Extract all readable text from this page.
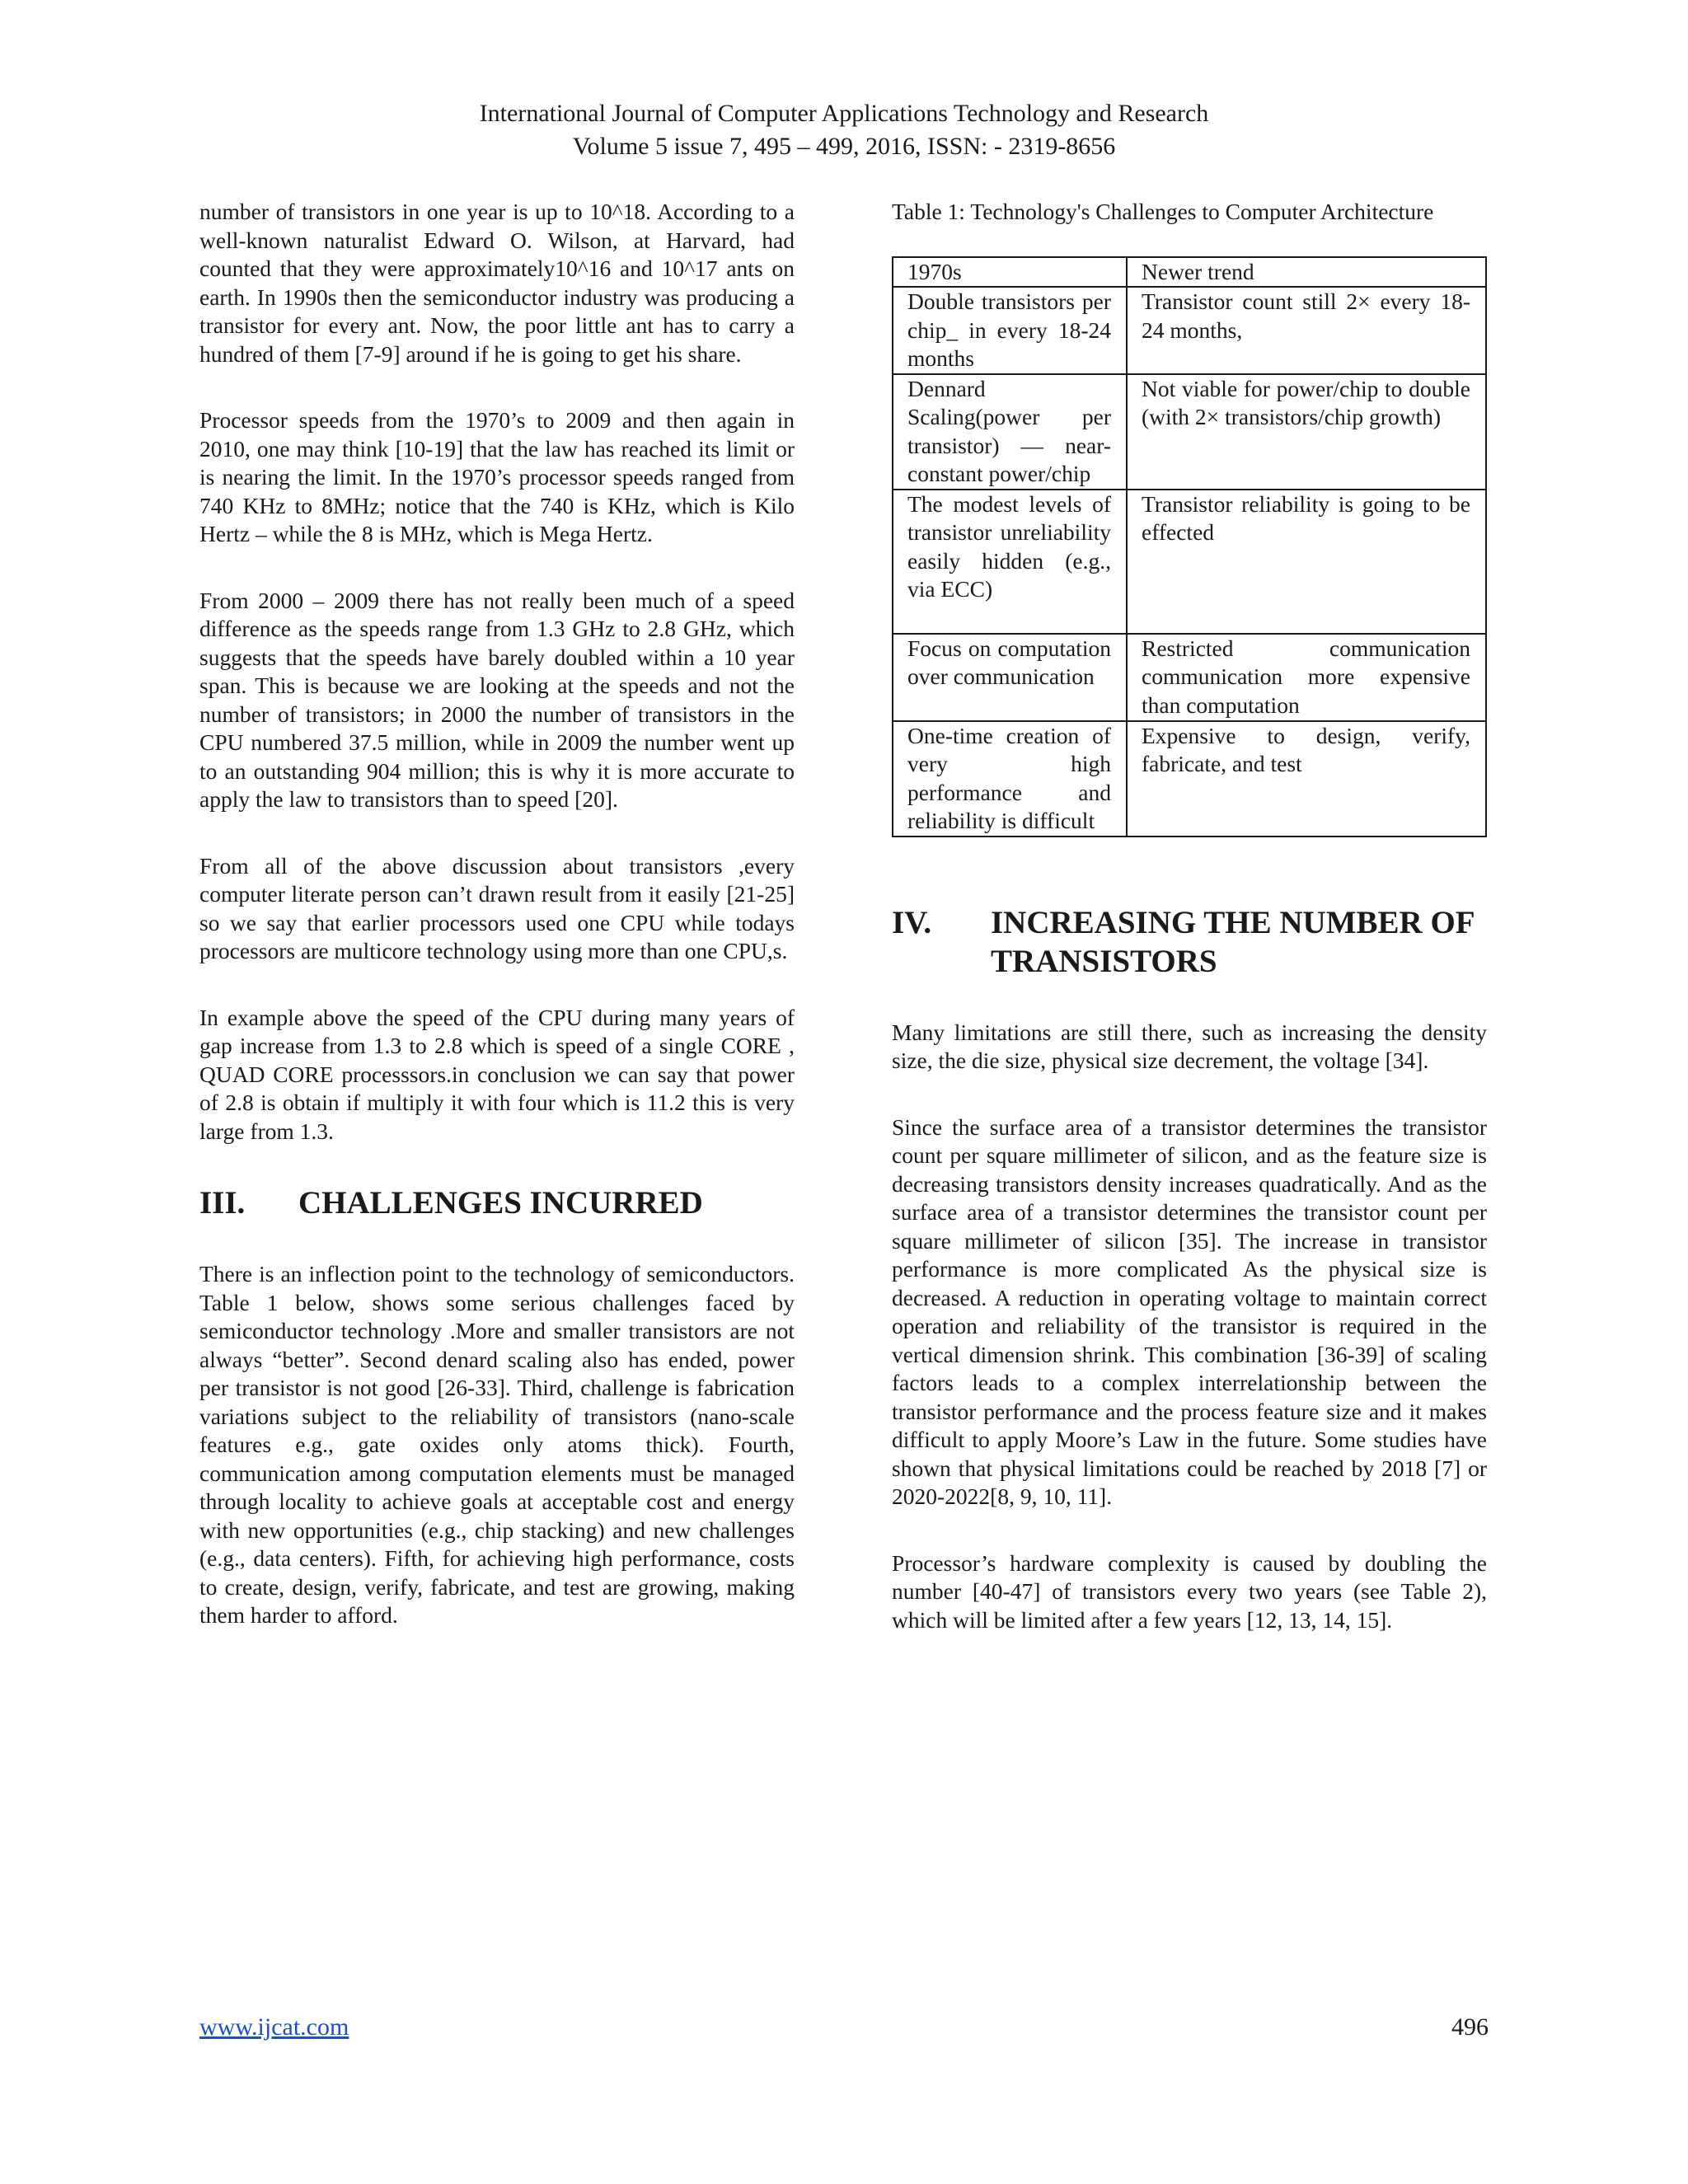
International Journal of Computer Applications Technology and Research
Volume 5 issue 7, 495 – 499, 2016, ISSN: - 2319-8656

number of transistors in one year is up to 10^18. According to a well-known naturalist Edward O. Wilson, at Harvard, had counted that they were approximately10^16 and 10^17 ants on earth. In 1990s then the semiconductor industry was producing a transistor for every ant. Now, the poor little ant has to carry a hundred of them [7-9] around if he is going to get his share.

Processor speeds from the 1970’s to 2009 and then again in 2010, one may think [10-19] that the law has reached its limit or is nearing the limit. In the 1970’s processor speeds ranged from 740 KHz to 8MHz; notice that the 740 is KHz, which is Kilo Hertz – while the 8 is MHz, which is Mega Hertz.

From 2000 – 2009 there has not really been much of a speed difference as the speeds range from 1.3 GHz to 2.8 GHz, which suggests that the speeds have barely doubled within a 10 year span. This is because we are looking at the speeds and not the number of transistors; in 2000 the number of transistors in the CPU numbered 37.5 million, while in 2009 the number went up to an outstanding 904 million; this is why it is more accurate to apply the law to transistors than to speed [20].

From all of the above discussion about transistors ,every computer literate person can’t drawn result from it easily [21-25] so we say that earlier processors used one CPU while todays processors are multicore technology using more than one CPU,s.

In example above the speed of the CPU during many years of gap increase from 1.3 to 2.8 which is speed of a single CORE , QUAD CORE processsors.in conclusion we can say that power of 2.8 is obtain if multiply it with four which is 11.2 this is very large from 1.3.

III.	CHALLENGES INCURRED

There is an inflection point to the technology of semiconductors. Table 1 below, shows some serious challenges faced by semiconductor technology .More and smaller transistors are not always “better”. Second denard scaling also has ended, power per transistor is not good [26-33]. Third, challenge is fabrication variations subject to the reliability of transistors (nano-scale features e.g., gate oxides only atoms thick). Fourth, communication among computation elements must be managed through locality to achieve goals at acceptable cost and energy with new opportunities (e.g., chip stacking) and new challenges (e.g., data centers). Fifth, for achieving high performance, costs to create, design, verify, fabricate, and test are growing, making them harder to afford.

Table 1: Technology's Challenges to Computer Architecture
1970s	Newer trend
Double transistors per chip_ in every 18-24 months	Transistor count still 2× every 18-24 months,
Dennard Scaling(power per transistor) — near-constant power/chip	Not viable for power/chip to double (with 2× transistors/chip growth)
The modest levels of transistor unreliability easily hidden (e.g., via ECC)	Transistor reliability is going to be effected
Focus on computation over communication	Restricted communication communication more expensive than computation
One-time creation of very high performance and reliability is difficult	Expensive to design, verify, fabricate, and test
IV.	INCREASING THE NUMBER OF TRANSISTORS

Many limitations are still there, such as increasing the density size, the die size, physical size decrement, the voltage [34].

Since the surface area of a transistor determines the transistor count per square millimeter of silicon, and as the feature size is decreasing transistors density increases quadratically. And as the surface area of a transistor determines the transistor count per square millimeter of silicon [35]. The increase in transistor performance is more complicated As the physical size is decreased. A reduction in operating voltage to maintain correct operation and reliability of the transistor is required in the vertical dimension shrink. This combination [36-39] of scaling factors leads to a complex interrelationship between the transistor performance and the process feature size and it makes difficult to apply Moore’s Law in the future. Some studies have shown that physical limitations could be reached by 2018 [7] or 2020-2022[8, 9, 10, 11].

Processor’s hardware complexity is caused by doubling the number [40-47] of transistors every two years (see Table 2), which will be limited after a few years [12, 13, 14, 15].

www.ijcat.com	496
